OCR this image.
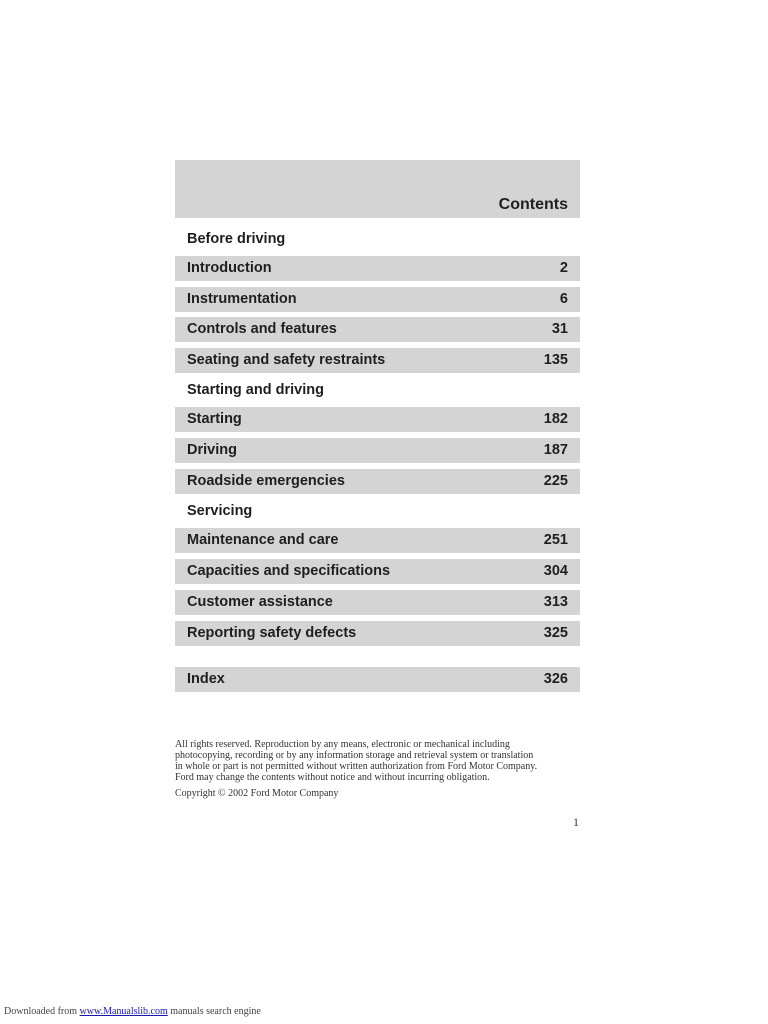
Contents
Before driving
Introduction	2
Instrumentation	6
Controls and features	31
Seating and safety restraints	135
Starting and driving
Starting	182
Driving	187
Roadside emergencies	225
Servicing
Maintenance and care	251
Capacities and specifications	304
Customer assistance	313
Reporting safety defects	325
Index	326
All rights reserved. Reproduction by any means, electronic or mechanical including
photocopying, recording or by any information storage and retrieval system or translation
in whole or part is not permitted without written authorization from Ford Motor Company.
Ford may change the contents without notice and without incurring obligation.
Copyright © 2002 Ford Motor Company
1
Downloaded from www.Manualslib.com manuals search engine
